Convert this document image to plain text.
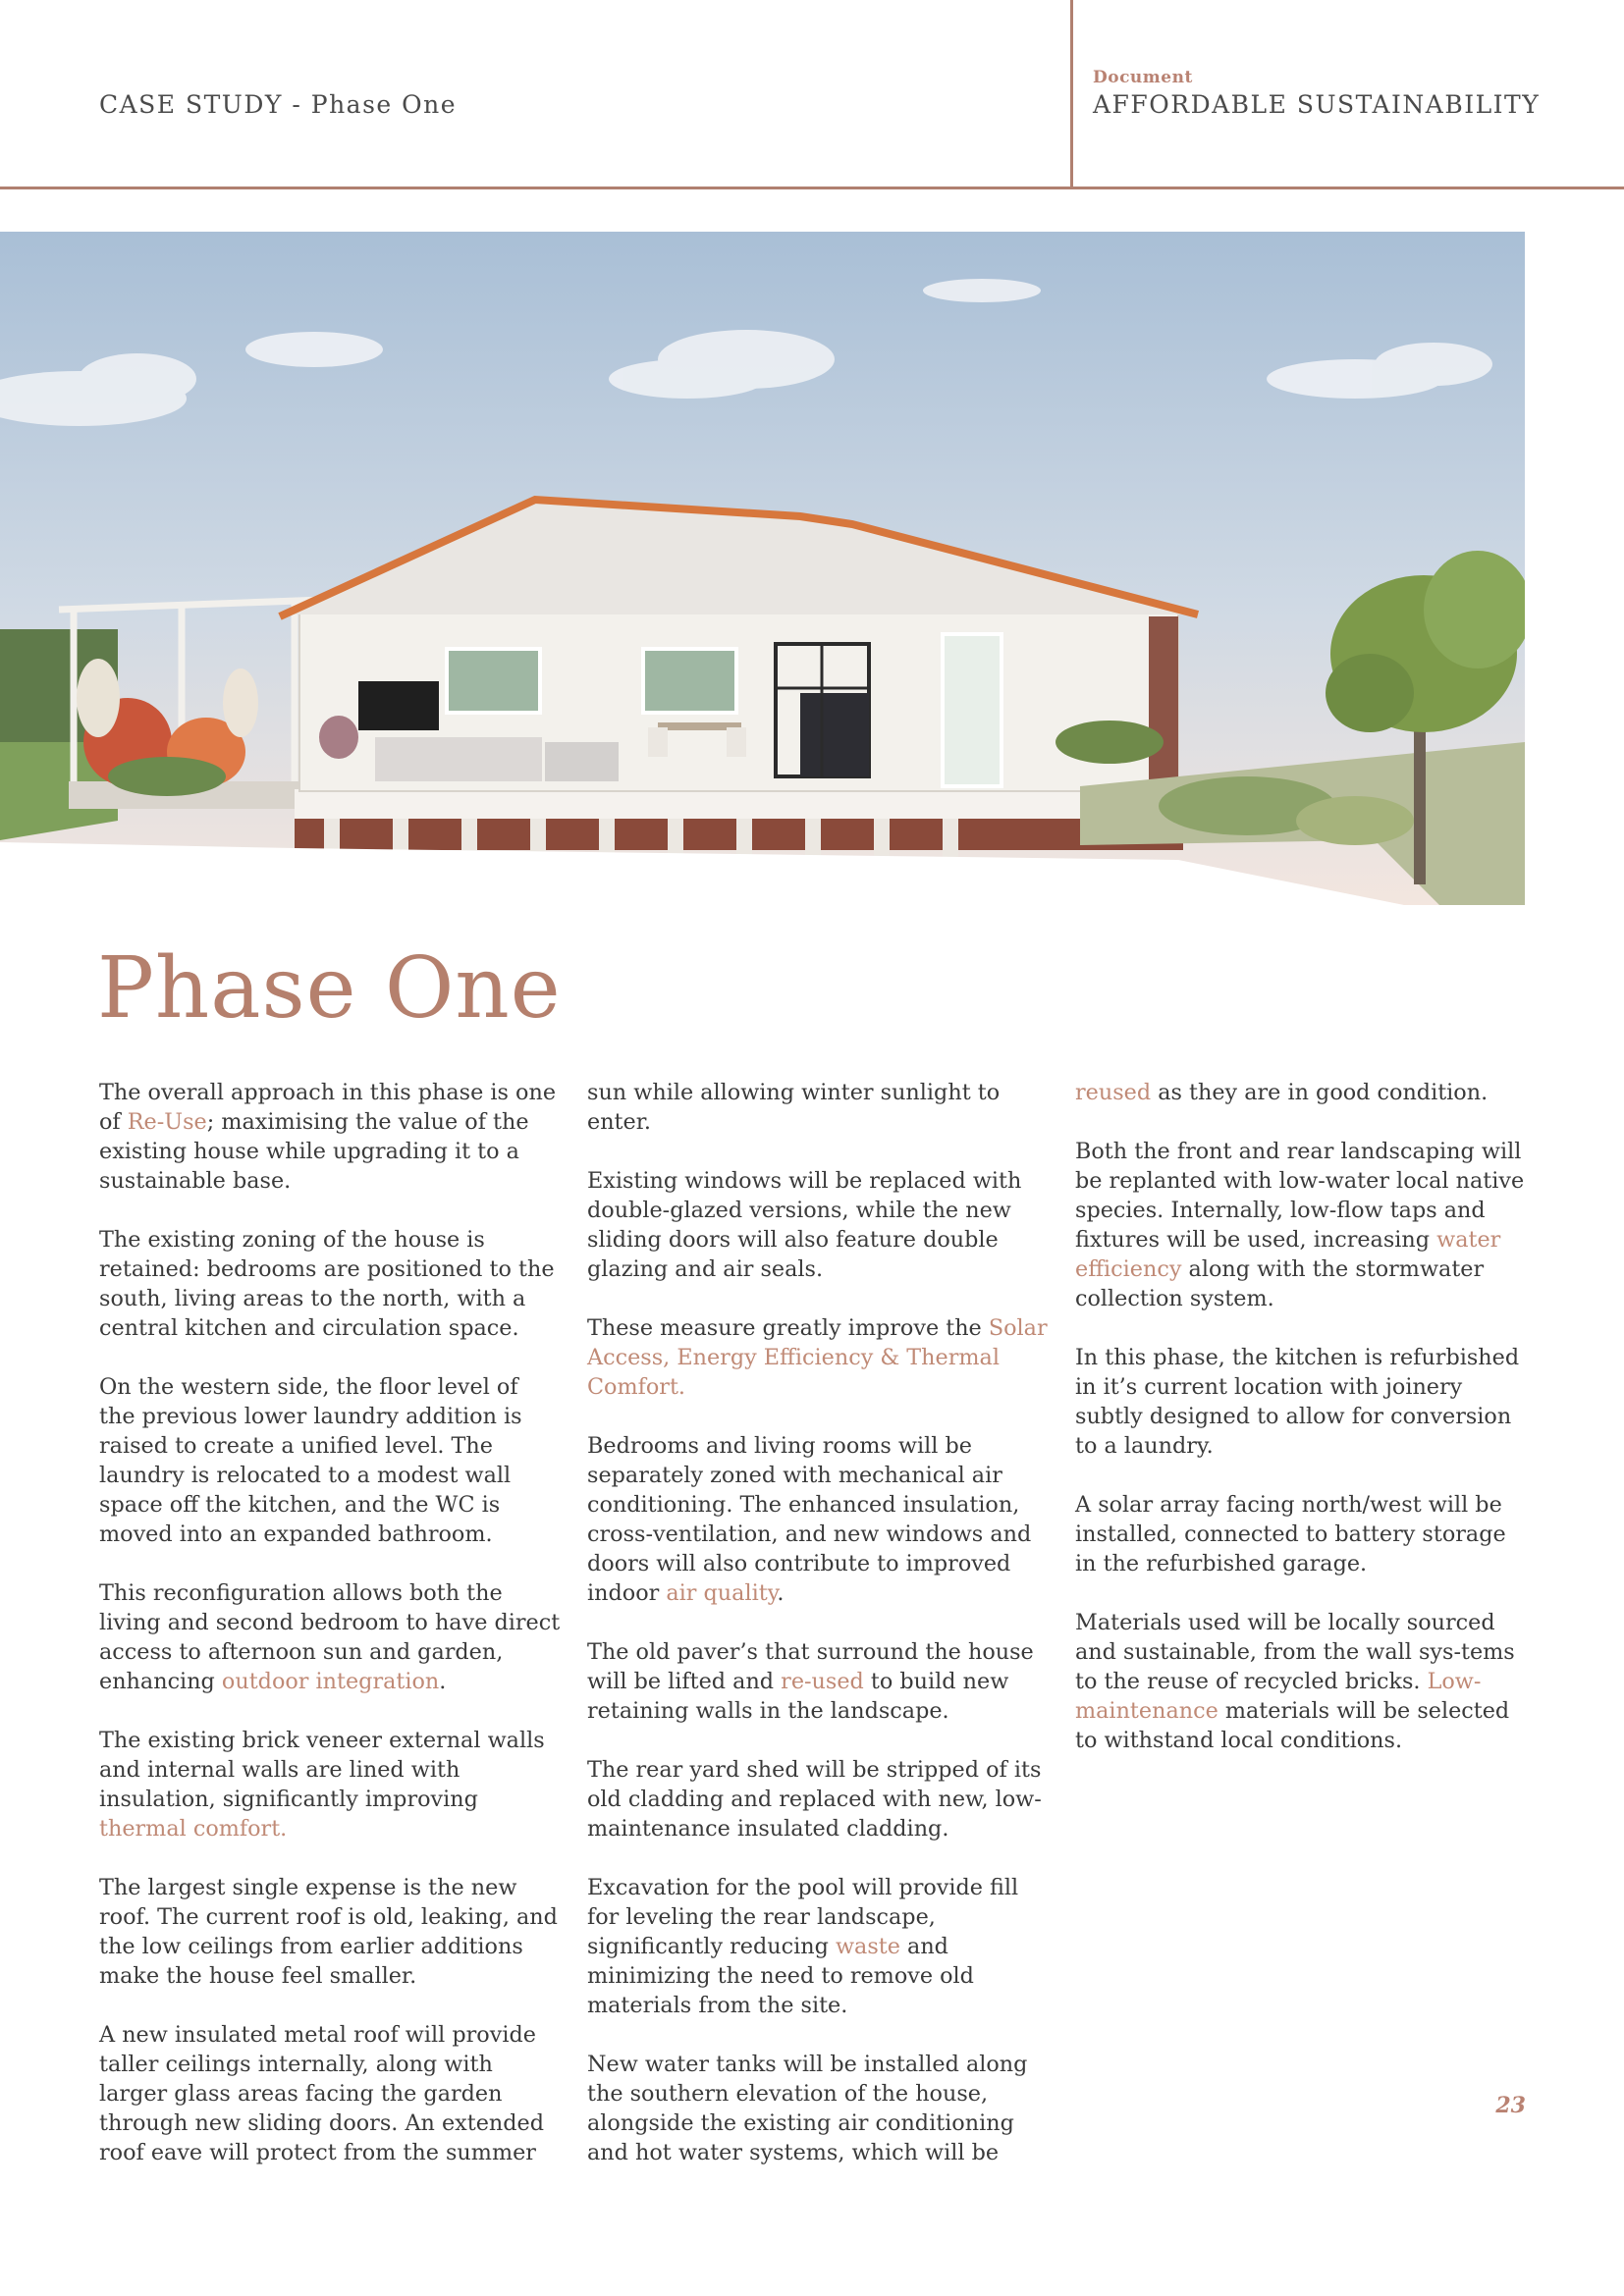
CASE STUDY - Phase One
Document
AFFORDABLE SUSTAINABILITY
Phase One

The overall approach in this phase is one of Re-Use; maximising the value of the existing house while upgrading it to a sustainable base.

The existing zoning of the house is retained: bedrooms are positioned to the south, living areas to the north, with a central kitchen and circulation space.

On the western side, the floor level of the previous lower laundry addition is raised to create a unified level. The laundry is relocated to a modest wall space off the kitchen, and the WC is moved into an expanded bathroom.

This reconfiguration allows both the living and second bedroom to have direct access to afternoon sun and garden, enhancing outdoor integration.

The existing brick veneer external walls and internal walls are lined with insulation, significantly improving thermal comfort.

The largest single expense is the new roof. The current roof is old, leaking, and the low ceilings from earlier additions make the house feel smaller.

A new insulated metal roof will provide taller ceilings internally, along with larger glass areas facing the garden through new sliding doors. An extended roof eave will protect from the summer

sun while allowing winter sunlight to enter.

Existing windows will be replaced with double-glazed versions, while the new sliding doors will also feature double glazing and air seals.

These measure greatly improve the Solar Access, Energy Efficiency & Thermal Comfort.

Bedrooms and living rooms will be separately zoned with mechanical air conditioning. The enhanced insulation, cross-ventilation, and new windows and doors will also contribute to improved indoor air quality.

The old paver’s that surround the house will be lifted and re-used to build new retaining walls in the landscape.

The rear yard shed will be stripped of its old cladding and replaced with new, low-maintenance insulated cladding.

Excavation for the pool will provide fill for leveling the rear landscape, significantly reducing waste and minimizing the need to remove old materials from the site.

New water tanks will be installed along the southern elevation of the house, alongside the existing air conditioning and hot water systems, which will be

reused as they are in good condition.

Both the front and rear landscaping will be replanted with low-water local native species. Internally, low-flow taps and fixtures will be used, increasing water efficiency along with the stormwater collection system.

In this phase, the kitchen is refurbished in it’s current location with joinery subtly designed to allow for conversion to a laundry.

A solar array facing north/west will be installed, connected to battery storage in the refurbished garage.

Materials used will be locally sourced and sustainable, from the wall sys-tems to the reuse of recycled bricks. Low-maintenance materials will be selected to withstand local conditions.

23
